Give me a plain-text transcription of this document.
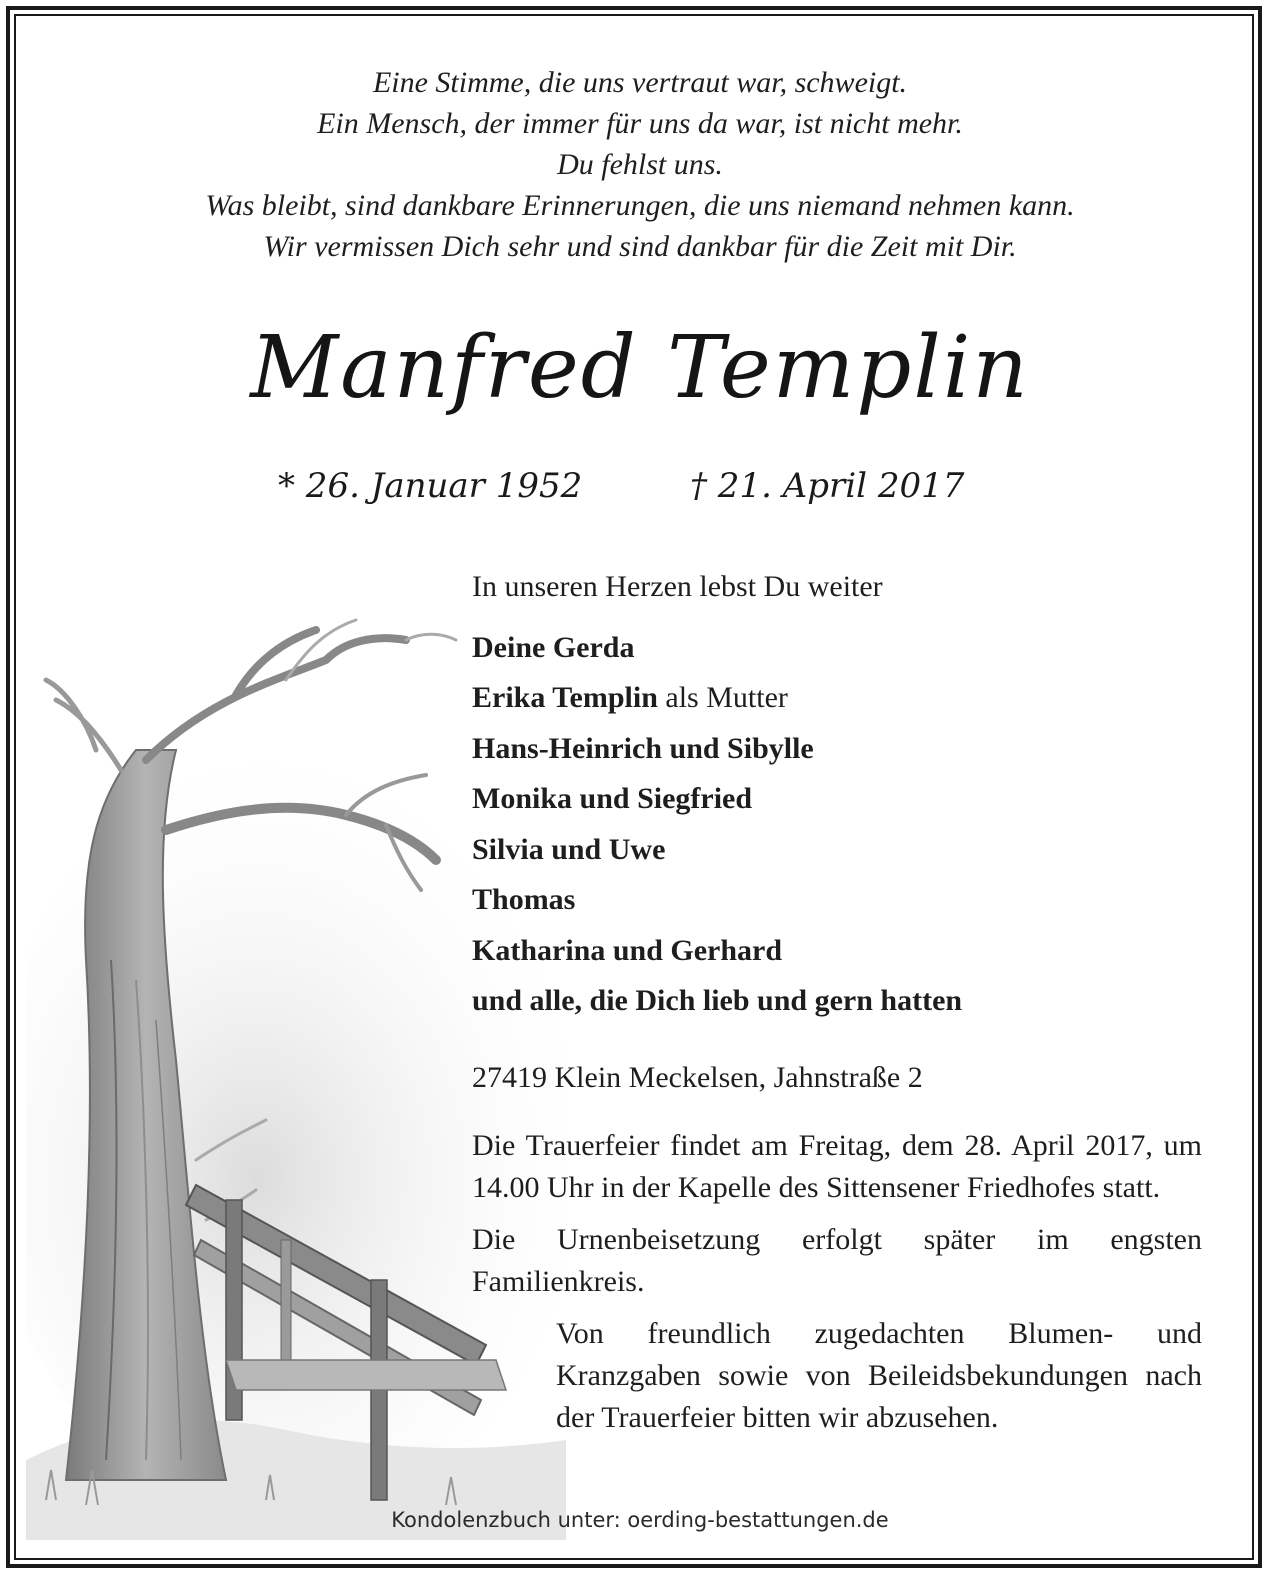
Eine Stimme, die uns vertraut war, schweigt.
Ein Mensch, der immer für uns da war, ist nicht mehr.
Du fehlst uns.
Was bleibt, sind dankbare Erinnerungen, die uns niemand nehmen kann.
Wir vermissen Dich sehr und sind dankbar für die Zeit mit Dir.
Manfred Templin
* 26. Januar 1952	† 21. April 2017
In unseren Herzen lebst Du weiter
Deine Gerda
Erika Templin als Mutter
Hans-Heinrich und Sibylle
Monika und Siegfried
Silvia und Uwe
Thomas
Katharina und Gerhard
und alle, die Dich lieb und gern hatten
27419 Klein Meckelsen, Jahnstraße 2
Die Trauerfeier findet am Freitag, dem 28. April 2017, um 14.00 Uhr in der Kapelle des Sittensener Friedhofes statt.
Die Urnenbeisetzung erfolgt später im engsten Familienkreis.
Von freundlich zugedachten Blumen- und Kranzgaben sowie von Beileidsbekundungen nach der Trauerfeier bitten wir abzusehen.
Kondolenzbuch unter: oerding-bestattungen.de
